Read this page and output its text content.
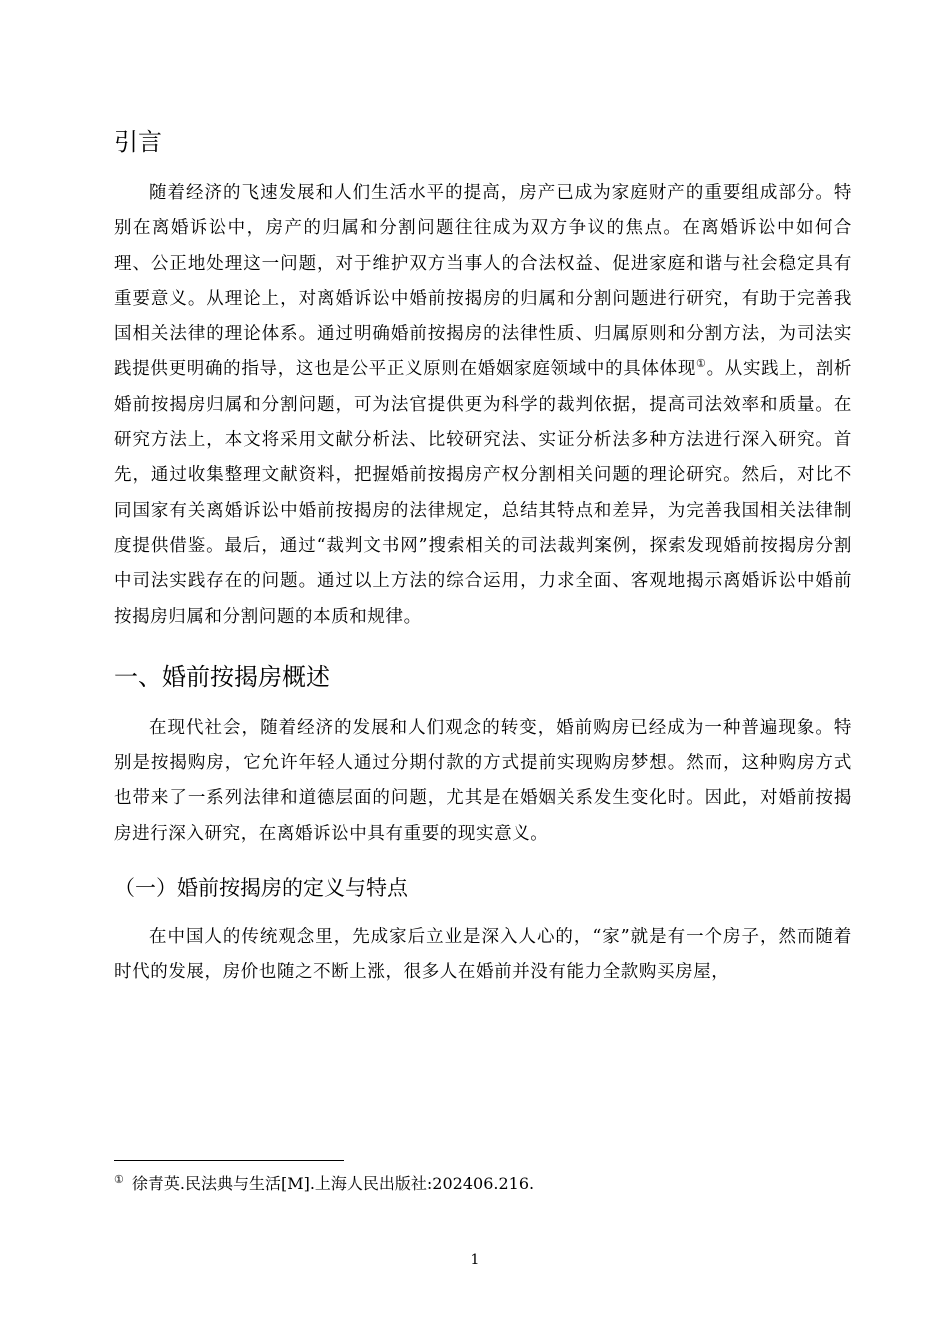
引言

随着经济的飞速发展和人们生活水平的提高，房产已成为家庭财产的重要组成部分。特别在离婚诉讼中，房产的归属和分割问题往往成为双方争议的焦点。在离婚诉讼中如何合理、公正地处理这一问题，对于维护双方当事人的合法权益、促进家庭和谐与社会稳定具有重要意义。从理论上，对离婚诉讼中婚前按揭房的归属和分割问题进行研究，有助于完善我国相关法律的理论体系。通过明确婚前按揭房的法律性质、归属原则和分割方法，为司法实践提供更明确的指导，这也是公平正义原则在婚姻家庭领域中的具体体现①。从实践上，剖析婚前按揭房归属和分割问题，可为法官提供更为科学的裁判依据，提高司法效率和质量。在研究方法上，本文将采用文献分析法、比较研究法、实证分析法多种方法进行深入研究。首先，通过收集整理文献资料，把握婚前按揭房产权分割相关问题的理论研究。然后，对比不同国家有关离婚诉讼中婚前按揭房的法律规定，总结其特点和差异，为完善我国相关法律制度提供借鉴。最后，通过“裁判文书网”搜索相关的司法裁判案例，探索发现婚前按揭房分割中司法实践存在的问题。通过以上方法的综合运用，力求全面、客观地揭示离婚诉讼中婚前按揭房归属和分割问题的本质和规律。

一、婚前按揭房概述

在现代社会，随着经济的发展和人们观念的转变，婚前购房已经成为一种普遍现象。特别是按揭购房，它允许年轻人通过分期付款的方式提前实现购房梦想。然而，这种购房方式也带来了一系列法律和道德层面的问题，尤其是在婚姻关系发生变化时。因此，对婚前按揭房进行深入研究，在离婚诉讼中具有重要的现实意义。

（一）婚前按揭房的定义与特点

在中国人的传统观念里，先成家后立业是深入人心的，“家”就是有一个房子，然而随着时代的发展，房价也随之不断上涨，很多人在婚前并没有能力全款购买房屋，

① 徐青英.民法典与生活[M].上海人民出版社:202406.216.
1
